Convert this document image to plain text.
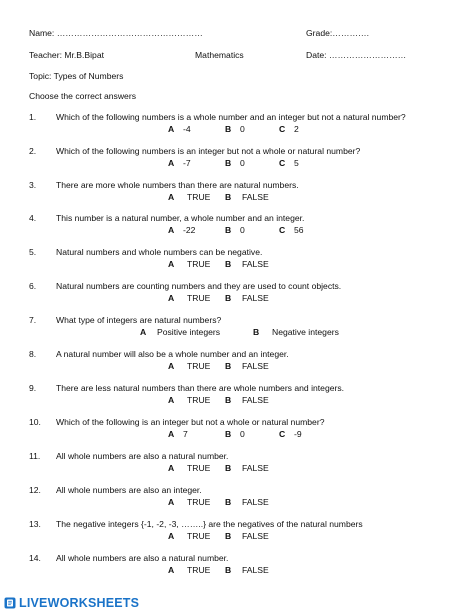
Name: ……………………………………………	Grade:………….
Teacher: Mr.B.Bipat	Mathematics	Date: ………………………
Topic: Types of Numbers
Choose the correct answers
1. Which of the following numbers is a whole number and an integer but not a natural number?
A -4	B 0	C 2
2. Which of the following numbers is an integer but not a whole or natural number?
A -7	B 0	C 5
3. There are more whole numbers than there are natural numbers.
A TRUE B FALSE
4. This number is a natural number, a whole number and an integer.
A -22	B 0	C 56
5. Natural numbers and whole numbers can be negative.
A TRUE B FALSE
6. Natural numbers are counting numbers and they are used to count objects.
A TRUE B FALSE
7. What type of integers are natural numbers?
A Positive integers	B Negative integers
8. A natural number will also be a whole number and an integer.
A TRUE B FALSE
9. There are less natural numbers than there are whole numbers and integers.
A TRUE B FALSE
10. Which of the following is an integer but not a whole or natural number?
A 7	B 0	C -9
11. All whole numbers are also a natural number.
A TRUE B FALSE
12. All whole numbers are also an integer.
A TRUE B FALSE
13. The negative integers {-1, -2, -3, ……..} are the negatives of the natural numbers
A TRUE B FALSE
14. All whole numbers are also a natural number.
A TRUE B FALSE
LIVEWORKSHEETS
